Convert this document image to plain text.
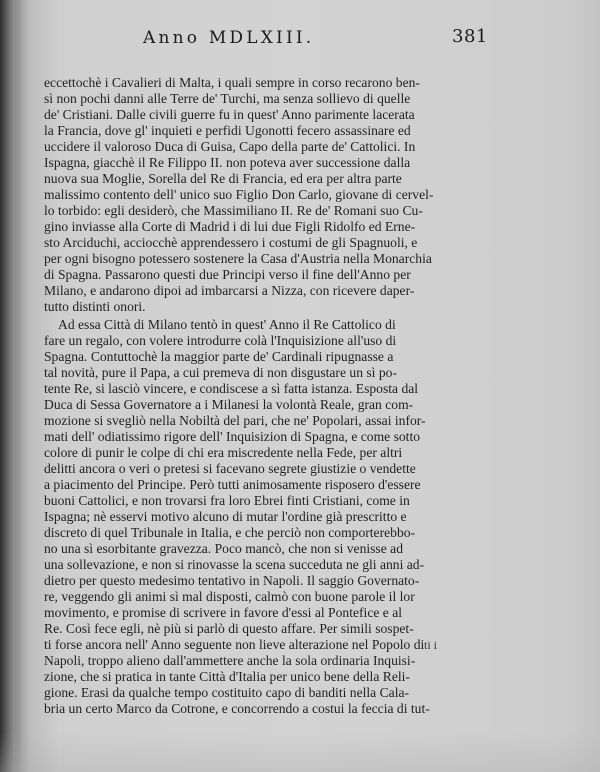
Anno MDLXIII.	381
eccettochè i Cavalieri di Malta, i quali sempre in corso recarono ben-
sì non pochi danni alle Terre de' Turchi, ma senza sollievo di quelle
de' Cristiani. Dalle civili guerre fu in quest' Anno parimente lacerata
la Francia, dove gl' inquieti e perfidi Ugonotti fecero assassinare ed
uccidere il valoroso Duca di Guisa, Capo della parte de' Cattolici. In
Ispagna, giacchè il Re Filippo II. non poteva aver successione dalla
nuova sua Moglie, Sorella del Re di Francia, ed era per altra parte
malissimo contento dell' unico suo Figlio Don Carlo, giovane di cervel-
lo torbido: egli desiderò, che Massimiliano II. Re de' Romani suo Cu-
gino inviasse alla Corte di Madrid i di lui due Figli Ridolfo ed Erne-
sto Arciduchi, acciocchè apprendessero i costumi de gli Spagnuoli, e
per ogni bisogno potessero sostenere la Casa d'Austria nella Monarchia
di Spagna. Passarono questi due Principi verso il fine dell'Anno per
Milano, e andarono dipoi ad imbarcarsi a Nizza, con ricevere daper-
tutto distinti onori.
Ad essa Città di Milano tentò in quest' Anno il Re Cattolico di
fare un regalo, con volere introdurre colà l'Inquisizione all'uso di
Spagna. Contuttochè la maggior parte de' Cardinali ripugnasse a
tal novità, pure il Papa, a cui premeva di non disgustare un sì po-
tente Re, si lasciò vincere, e condiscese a sì fatta istanza. Esposta dal
Duca di Sessa Governatore a i Milanesi la volontà Reale, gran com-
mozione si svegliò nella Nobiltà del pari, che ne' Popolari, assai infor-
mati dell' odiatissimo rigore dell' Inquisizion di Spagna, e come sotto
colore di punir le colpe di chi era miscredente nella Fede, per altri
delitti ancora o veri o pretesi si facevano segrete giustizie o vendette
a piacimento del Principe. Però tutti animosamente risposero d'essere
buoni Cattolici, e non trovarsi fra loro Ebrei finti Cristiani, come in
Ispagna; nè esservi motivo alcuno di mutar l'ordine già prescritto e
discreto di quel Tribunale in Italia, e che perciò non comporterebbo-
no una sì esorbitante gravezza. Poco mancò, che non si venisse ad
una sollevazione, e non si rinovasse la scena succeduta ne gli anni ad-
dietro per questo medesimo tentativo in Napoli. Il saggio Governato-
re, veggendo gli animi sì mal disposti, calmò con buone parole il lor
movimento, e promise di scrivere in favore d'essi al Pontefice e al
Re. Così fece egli, nè più si parlò di questo affare. Per simili sospet-
ti forse ancora nell' Anno seguente non lieve alterazione nel Popolo di
Napoli, troppo alieno dall'ammettere anche la sola ordinaria Inquisi-
zione, che si pratica in tante Città d'Italia per unico bene della Reli-
gione. Erasi da qualche tempo costituito capo di banditi nella Cala-
bria un certo Marco da Cotrone, e concorrendo a costui la feccia di tut-
ti i
